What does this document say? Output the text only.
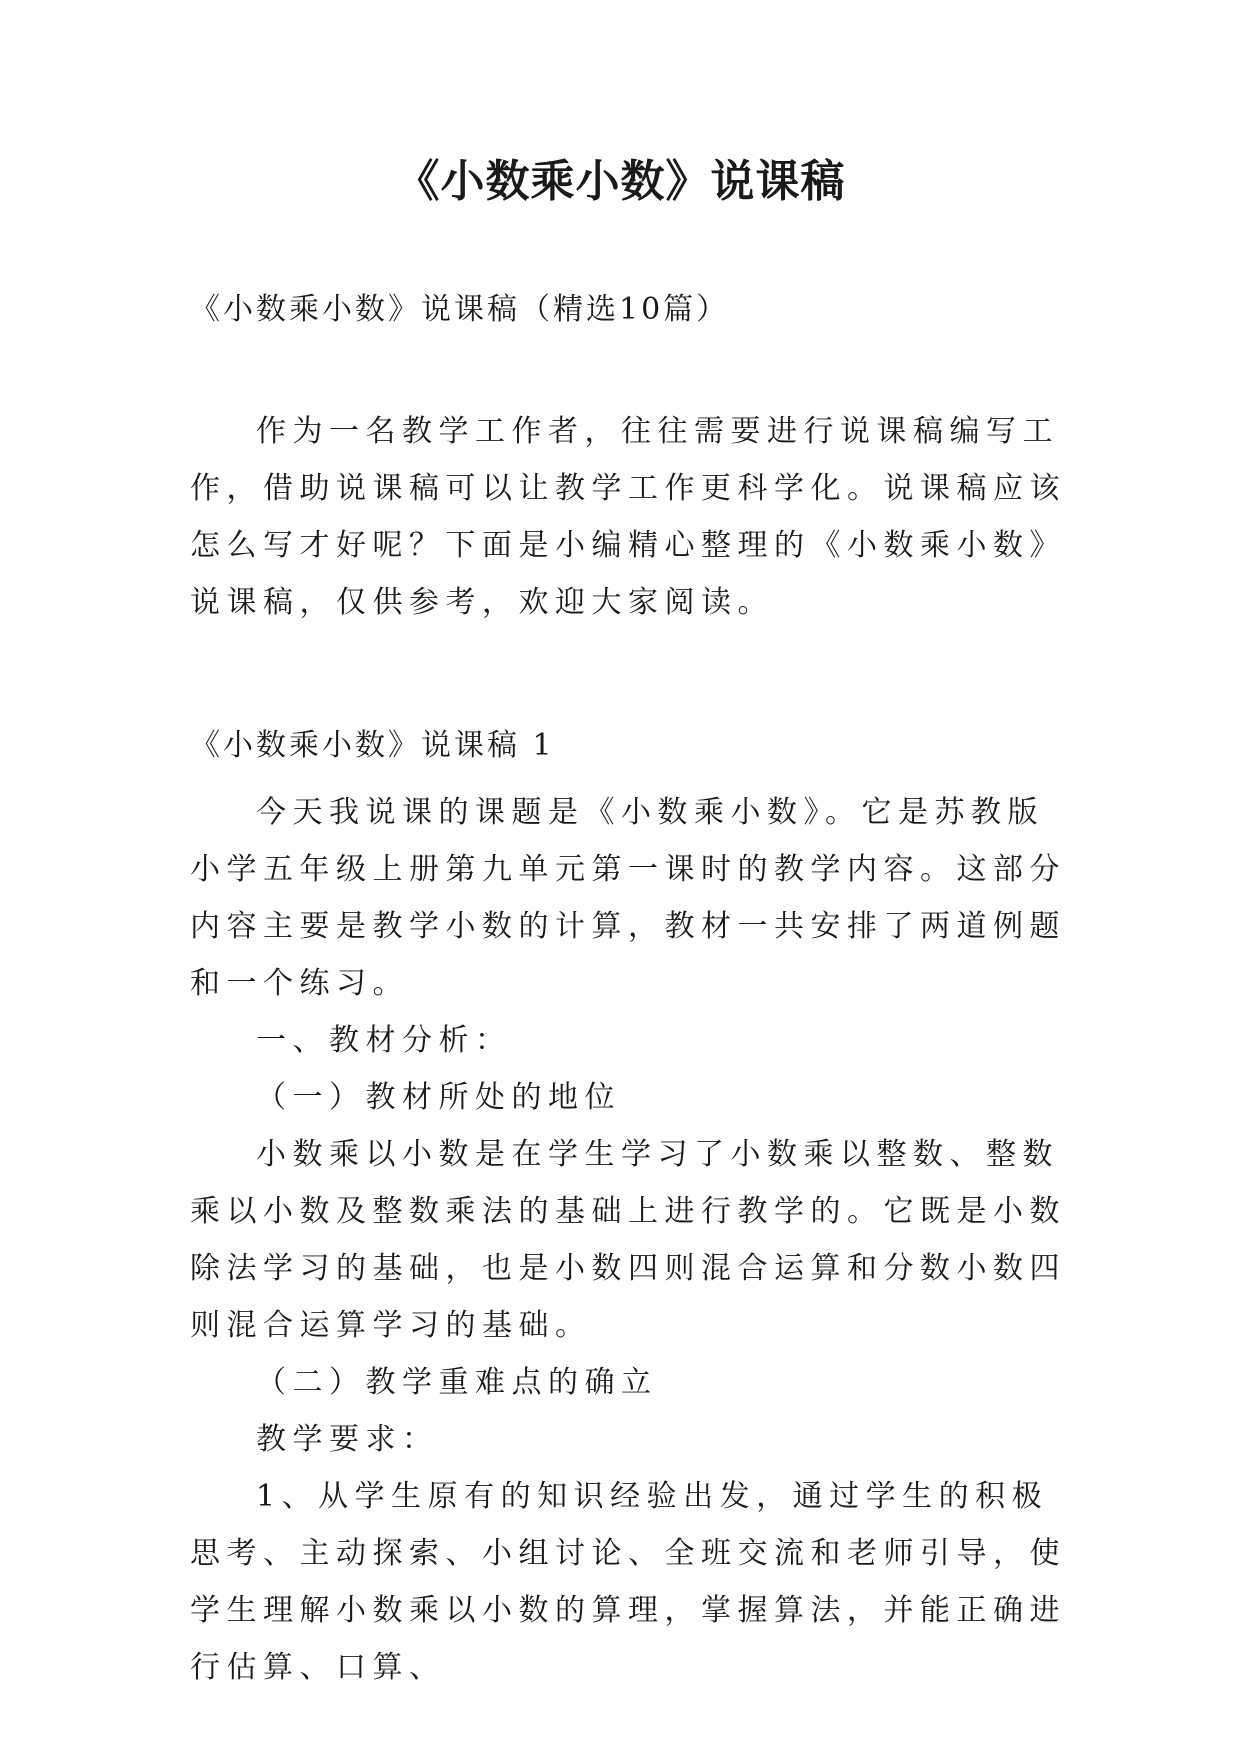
《小数乘小数》说课稿

《小数乘小数》说课稿（精选10篇）

作为一名教学工作者，往往需要进行说课稿编写工作，借助说课稿可以让教学工作更科学化。说课稿应该怎么写才好呢？下面是小编精心整理的《小数乘小数》说课稿，仅供参考，欢迎大家阅读。

《小数乘小数》说课稿 1

今天我说课的课题是《小数乘小数》。它是苏教版小学五年级上册第九单元第一课时的教学内容。这部分内容主要是教学小数的计算，教材一共安排了两道例题和一个练习。

一、教材分析：

（一）教材所处的地位

小数乘以小数是在学生学习了小数乘以整数、整数乘以小数及整数乘法的基础上进行教学的。它既是小数除法学习的基础，也是小数四则混合运算和分数小数四则混合运算学习的基础。

（二）教学重难点的确立

教学要求：

1、从学生原有的知识经验出发，通过学生的积极思考、主动探索、小组讨论、全班交流和老师引导，使学生理解小数乘以小数的算理，掌握算法，并能正确进行估算、口算、
